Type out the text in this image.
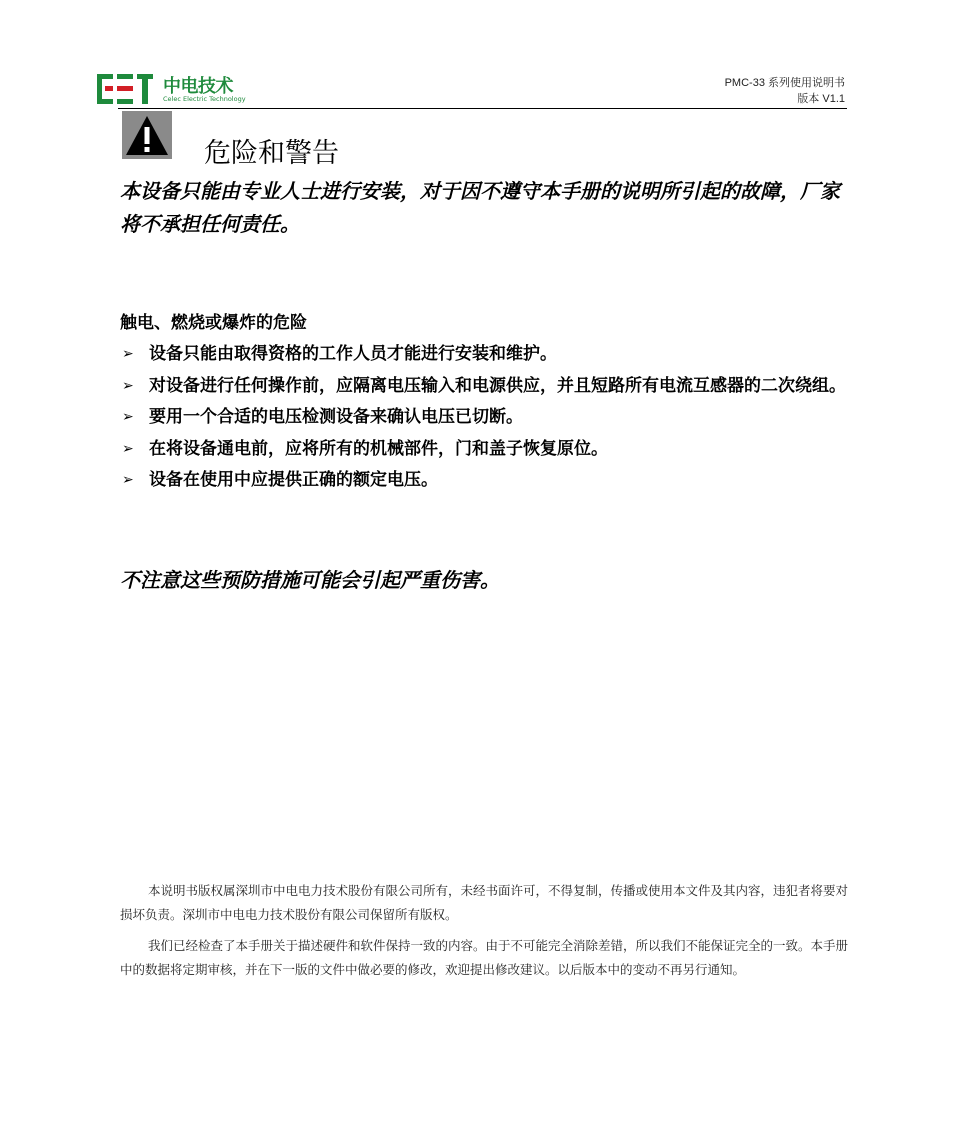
中电技术
Celec Electric Technology
PMC-33 系列使用说明书
版本 V1.1
危险和警告
本设备只能由专业人士进行安装，对于因不遵守本手册的说明所引起的故障，厂家将不承担任何责任。
触电、燃烧或爆炸的危险
➢ 设备只能由取得资格的工作人员才能进行安装和维护。
➢ 对设备进行任何操作前，应隔离电压输入和电源供应，并且短路所有电流互感器的二次绕组。
➢ 要用一个合适的电压检测设备来确认电压已切断。
➢ 在将设备通电前，应将所有的机械部件，门和盖子恢复原位。
➢ 设备在使用中应提供正确的额定电压。
不注意这些预防措施可能会引起严重伤害。

本说明书版权属深圳市中电电力技术股份有限公司所有，未经书面许可，不得复制，传播或使用本文件及其内容，违犯者将要对损坏负责。深圳市中电电力技术股份有限公司保留所有版权。

我们已经检查了本手册关于描述硬件和软件保持一致的内容。由于不可能完全消除差错，所以我们不能保证完全的一致。本手册中的数据将定期审核，并在下一版的文件中做必要的修改，欢迎提出修改建议。以后版本中的变动不再另行通知。
